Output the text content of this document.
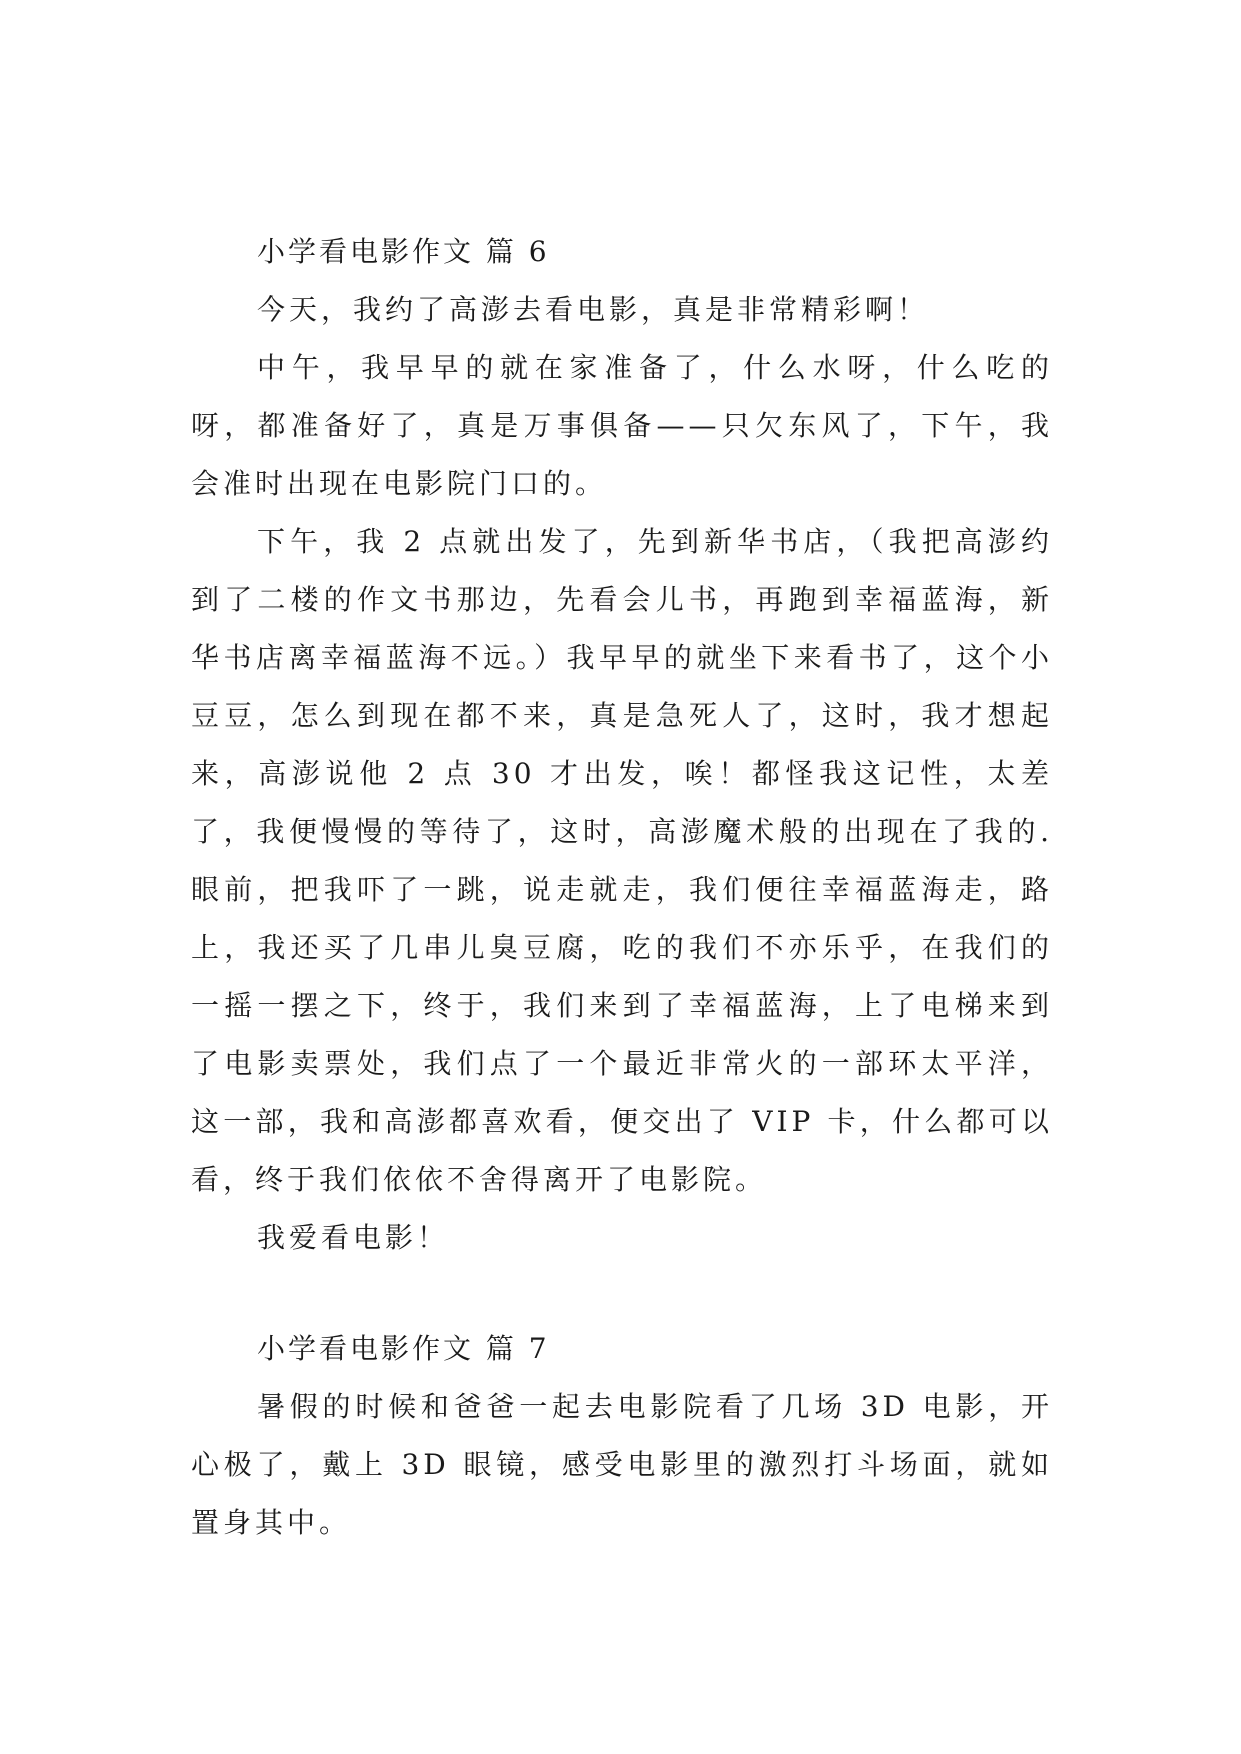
小学看电影作文 篇 6

今天，我约了高澎去看电影，真是非常精彩啊！

中午，我早早的就在家准备了，什么水呀，什么吃的呀，都准备好了，真是万事俱备——只欠东风了，下午，我会准时出现在电影院门口的。

下午，我 2 点就出发了，先到新华书店，（我把高澎约到了二楼的作文书那边，先看会儿书，再跑到幸福蓝海，新华书店离幸福蓝海不远。）我早早的就坐下来看书了，这个小豆豆，怎么到现在都不来，真是急死人了，这时，我才想起来，高澎说他 2 点 30 才出发，唉！都怪我这记性，太差了，我便慢慢的等待了，这时，高澎魔术般的出现在了我的.眼前，把我吓了一跳，说走就走，我们便往幸福蓝海走，路上，我还买了几串儿臭豆腐，吃的我们不亦乐乎，在我们的一摇一摆之下，终于，我们来到了幸福蓝海，上了电梯来到了电影卖票处，我们点了一个最近非常火的一部环太平洋，这一部，我和高澎都喜欢看，便交出了 VIP 卡，什么都可以看，终于我们依依不舍得离开了电影院。

我爱看电影！

小学看电影作文 篇 7

暑假的时候和爸爸一起去电影院看了几场 3D 电影，开心极了，戴上 3D 眼镜，感受电影里的激烈打斗场面，就如置身其中。
